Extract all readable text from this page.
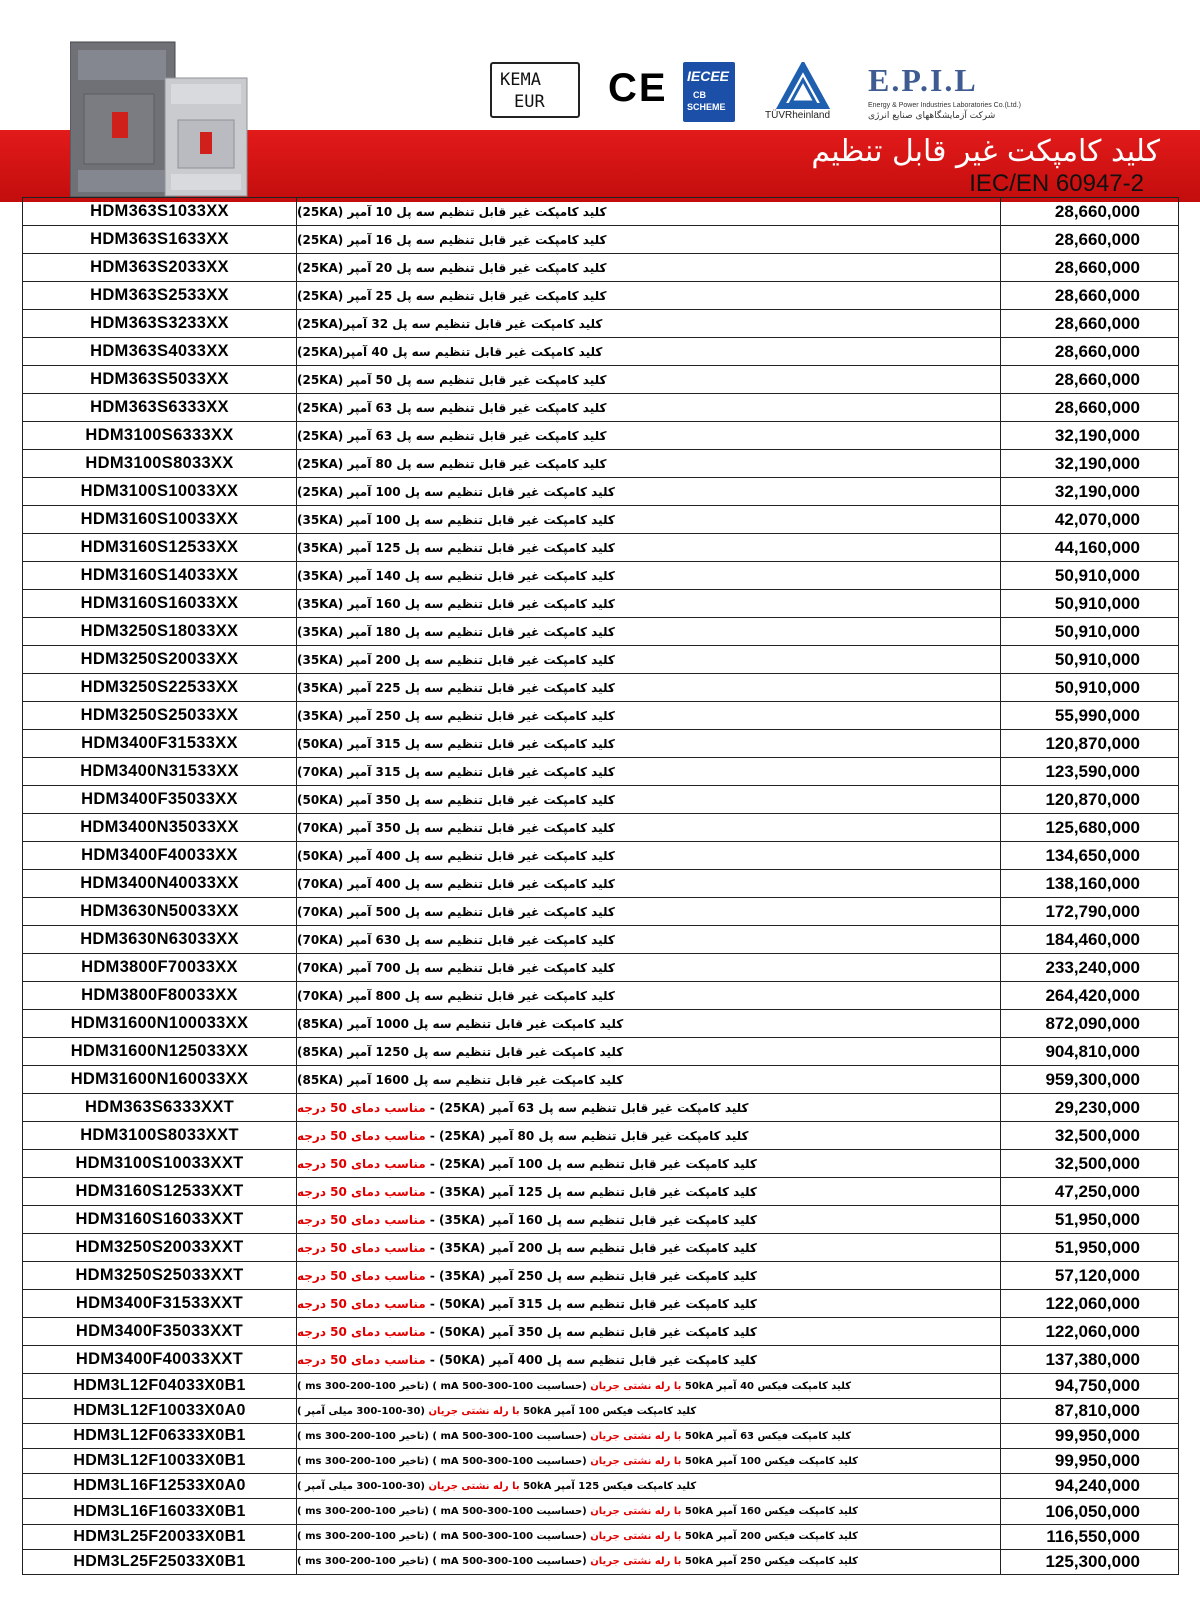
KEMA
EUR CE IECEE
CB
SCHEME
TÜVRheinland
E.P.I.L
Energy & Power Industries Laboratories Co.(Ltd.)
شرکت آزمایشگاههای صنایع انرژی
کلید کامپکت غیر قابل تنظیم
IEC/EN 60947-2
HDM363S1033XX	کلید کامپکت غیر قابل تنظیم سه پل 10 آمپر (25KA)	28,660,000
HDM363S1633XX	کلید کامپکت غیر قابل تنظیم سه پل 16 آمپر (25KA)	28,660,000
HDM363S2033XX	کلید کامپکت غیر قابل تنظیم سه پل 20 آمپر (25KA)	28,660,000
HDM363S2533XX	کلید کامپکت غیر قابل تنظیم سه پل 25 آمپر (25KA)	28,660,000
HDM363S3233XX	کلید کامپکت غیر قابل تنظیم سه پل 32 آمپر(25KA)	28,660,000
HDM363S4033XX	کلید کامپکت غیر قابل تنظیم سه پل 40 آمپر(25KA)	28,660,000
HDM363S5033XX	کلید کامپکت غیر قابل تنظیم سه پل 50 آمپر (25KA)	28,660,000
HDM363S6333XX	کلید کامپکت غیر قابل تنظیم سه پل 63 آمپر (25KA)	28,660,000
HDM3100S6333XX	کلید کامپکت غیر قابل تنظیم سه پل 63 آمپر (25KA)	32,190,000
HDM3100S8033XX	کلید کامپکت غیر قابل تنظیم سه پل 80 آمپر (25KA)	32,190,000
HDM3100S10033XX	کلید کامپکت غیر قابل تنظیم سه پل 100 آمپر (25KA)	32,190,000
HDM3160S10033XX	کلید کامپکت غیر قابل تنظیم سه پل 100 آمپر (35KA)	42,070,000
HDM3160S12533XX	کلید کامپکت غیر قابل تنظیم سه پل 125 آمپر (35KA)	44,160,000
HDM3160S14033XX	کلید کامپکت غیر قابل تنظیم سه پل 140 آمپر (35KA)	50,910,000
HDM3160S16033XX	کلید کامپکت غیر قابل تنظیم سه پل 160 آمپر (35KA)	50,910,000
HDM3250S18033XX	کلید کامپکت غیر قابل تنظیم سه پل 180 آمپر (35KA)	50,910,000
HDM3250S20033XX	کلید کامپکت غیر قابل تنظیم سه پل 200 آمپر (35KA)	50,910,000
HDM3250S22533XX	کلید کامپکت غیر قابل تنظیم سه پل 225 آمپر (35KA)	50,910,000
HDM3250S25033XX	کلید کامپکت غیر قابل تنظیم سه پل 250 آمپر (35KA)	55,990,000
HDM3400F31533XX	کلید کامپکت غیر قابل تنظیم سه پل 315 آمپر (50KA)	120,870,000
HDM3400N31533XX	کلید کامپکت غیر قابل تنظیم سه پل 315 آمپر (70KA)	123,590,000
HDM3400F35033XX	کلید کامپکت غیر قابل تنظیم سه پل 350 آمپر (50KA)	120,870,000
HDM3400N35033XX	کلید کامپکت غیر قابل تنظیم سه پل 350 آمپر (70KA)	125,680,000
HDM3400F40033XX	کلید کامپکت غیر قابل تنظیم سه پل 400 آمپر (50KA)	134,650,000
HDM3400N40033XX	کلید کامپکت غیر قابل تنظیم سه پل 400 آمپر (70KA)	138,160,000
HDM3630N50033XX	کلید کامپکت غیر قابل تنظیم سه پل 500 آمپر (70KA)	172,790,000
HDM3630N63033XX	کلید کامپکت غیر قابل تنظیم سه پل 630 آمپر (70KA)	184,460,000
HDM3800F70033XX	کلید کامپکت غیر قابل تنظیم سه پل 700 آمپر (70KA)	233,240,000
HDM3800F80033XX	کلید کامپکت غیر قابل تنظیم سه پل 800 آمپر (70KA)	264,420,000
HDM31600N100033XX	کلید کامپکت غیر قابل تنظیم سه پل 1000 آمپر (85KA)	872,090,000
HDM31600N125033XX	کلید کامپکت غیر قابل تنظیم سه پل 1250 آمپر (85KA)	904,810,000
HDM31600N160033XX	کلید کامپکت غیر قابل تنظیم سه پل 1600 آمپر (85KA)	959,300,000
HDM363S6333XXT	کلید کامپکت غیر قابل تنظیم سه پل 63 آمپر (25KA) - مناسب دمای 50 درجه	29,230,000
HDM3100S8033XXT	کلید کامپکت غیر قابل تنظیم سه پل 80 آمپر (25KA) - مناسب دمای 50 درجه	32,500,000
HDM3100S10033XXT	کلید کامپکت غیر قابل تنظیم سه پل 100 آمپر (25KA) - مناسب دمای 50 درجه	32,500,000
HDM3160S12533XXT	کلید کامپکت غیر قابل تنظیم سه پل 125 آمپر (35KA) - مناسب دمای 50 درجه	47,250,000
HDM3160S16033XXT	کلید کامپکت غیر قابل تنظیم سه پل 160 آمپر (35KA) - مناسب دمای 50 درجه	51,950,000
HDM3250S20033XXT	کلید کامپکت غیر قابل تنظیم سه پل 200 آمپر (35KA) - مناسب دمای 50 درجه	51,950,000
HDM3250S25033XXT	کلید کامپکت غیر قابل تنظیم سه پل 250 آمپر (35KA) - مناسب دمای 50 درجه	57,120,000
HDM3400F31533XXT	کلید کامپکت غیر قابل تنظیم سه پل 315 آمپر (50KA) - مناسب دمای 50 درجه	122,060,000
HDM3400F35033XXT	کلید کامپکت غیر قابل تنظیم سه پل 350 آمپر (50KA) - مناسب دمای 50 درجه	122,060,000
HDM3400F40033XXT	کلید کامپکت غیر قابل تنظیم سه پل 400 آمپر (50KA) - مناسب دمای 50 درجه	137,380,000
HDM3L12F04033X0B1	کلید کامپکت فیکس 40 آمپر 50kA با رله نشتی جریان (حساسیت 100-300-500 mA ) (تاخیر 100-200-300 ms )	94,750,000
HDM3L12F10033X0A0	کلید کامپکت فیکس 100 آمپر 50kA با رله نشتی جریان (30-100-300 میلی آمپر )	87,810,000
HDM3L12F06333X0B1	کلید کامپکت فیکس 63 آمپر 50kA با رله نشتی جریان (حساسیت 100-300-500 mA ) (تاخیر 100-200-300 ms )	99,950,000
HDM3L12F10033X0B1	کلید کامپکت فیکس 100 آمپر 50kA با رله نشتی جریان (حساسیت 100-300-500 mA ) (تاخیر 100-200-300 ms )	99,950,000
HDM3L16F12533X0A0	کلید کامپکت فیکس 125 آمپر 50kA با رله نشتی جریان (30-100-300 میلی آمپر )	94,240,000
HDM3L16F16033X0B1	کلید کامپکت فیکس 160 آمپر 50kA با رله نشتی جریان (حساسیت 100-300-500 mA ) (تاخیر 100-200-300 ms )	106,050,000
HDM3L25F20033X0B1	کلید کامپکت فیکس 200 آمپر 50kA با رله نشتی جریان (حساسیت 100-300-500 mA ) (تاخیر 100-200-300 ms )	116,550,000
HDM3L25F25033X0B1	کلید کامپکت فیکس 250 آمپر 50kA با رله نشتی جریان (حساسیت 100-300-500 mA ) (تاخیر 100-200-300 ms )	125,300,000
